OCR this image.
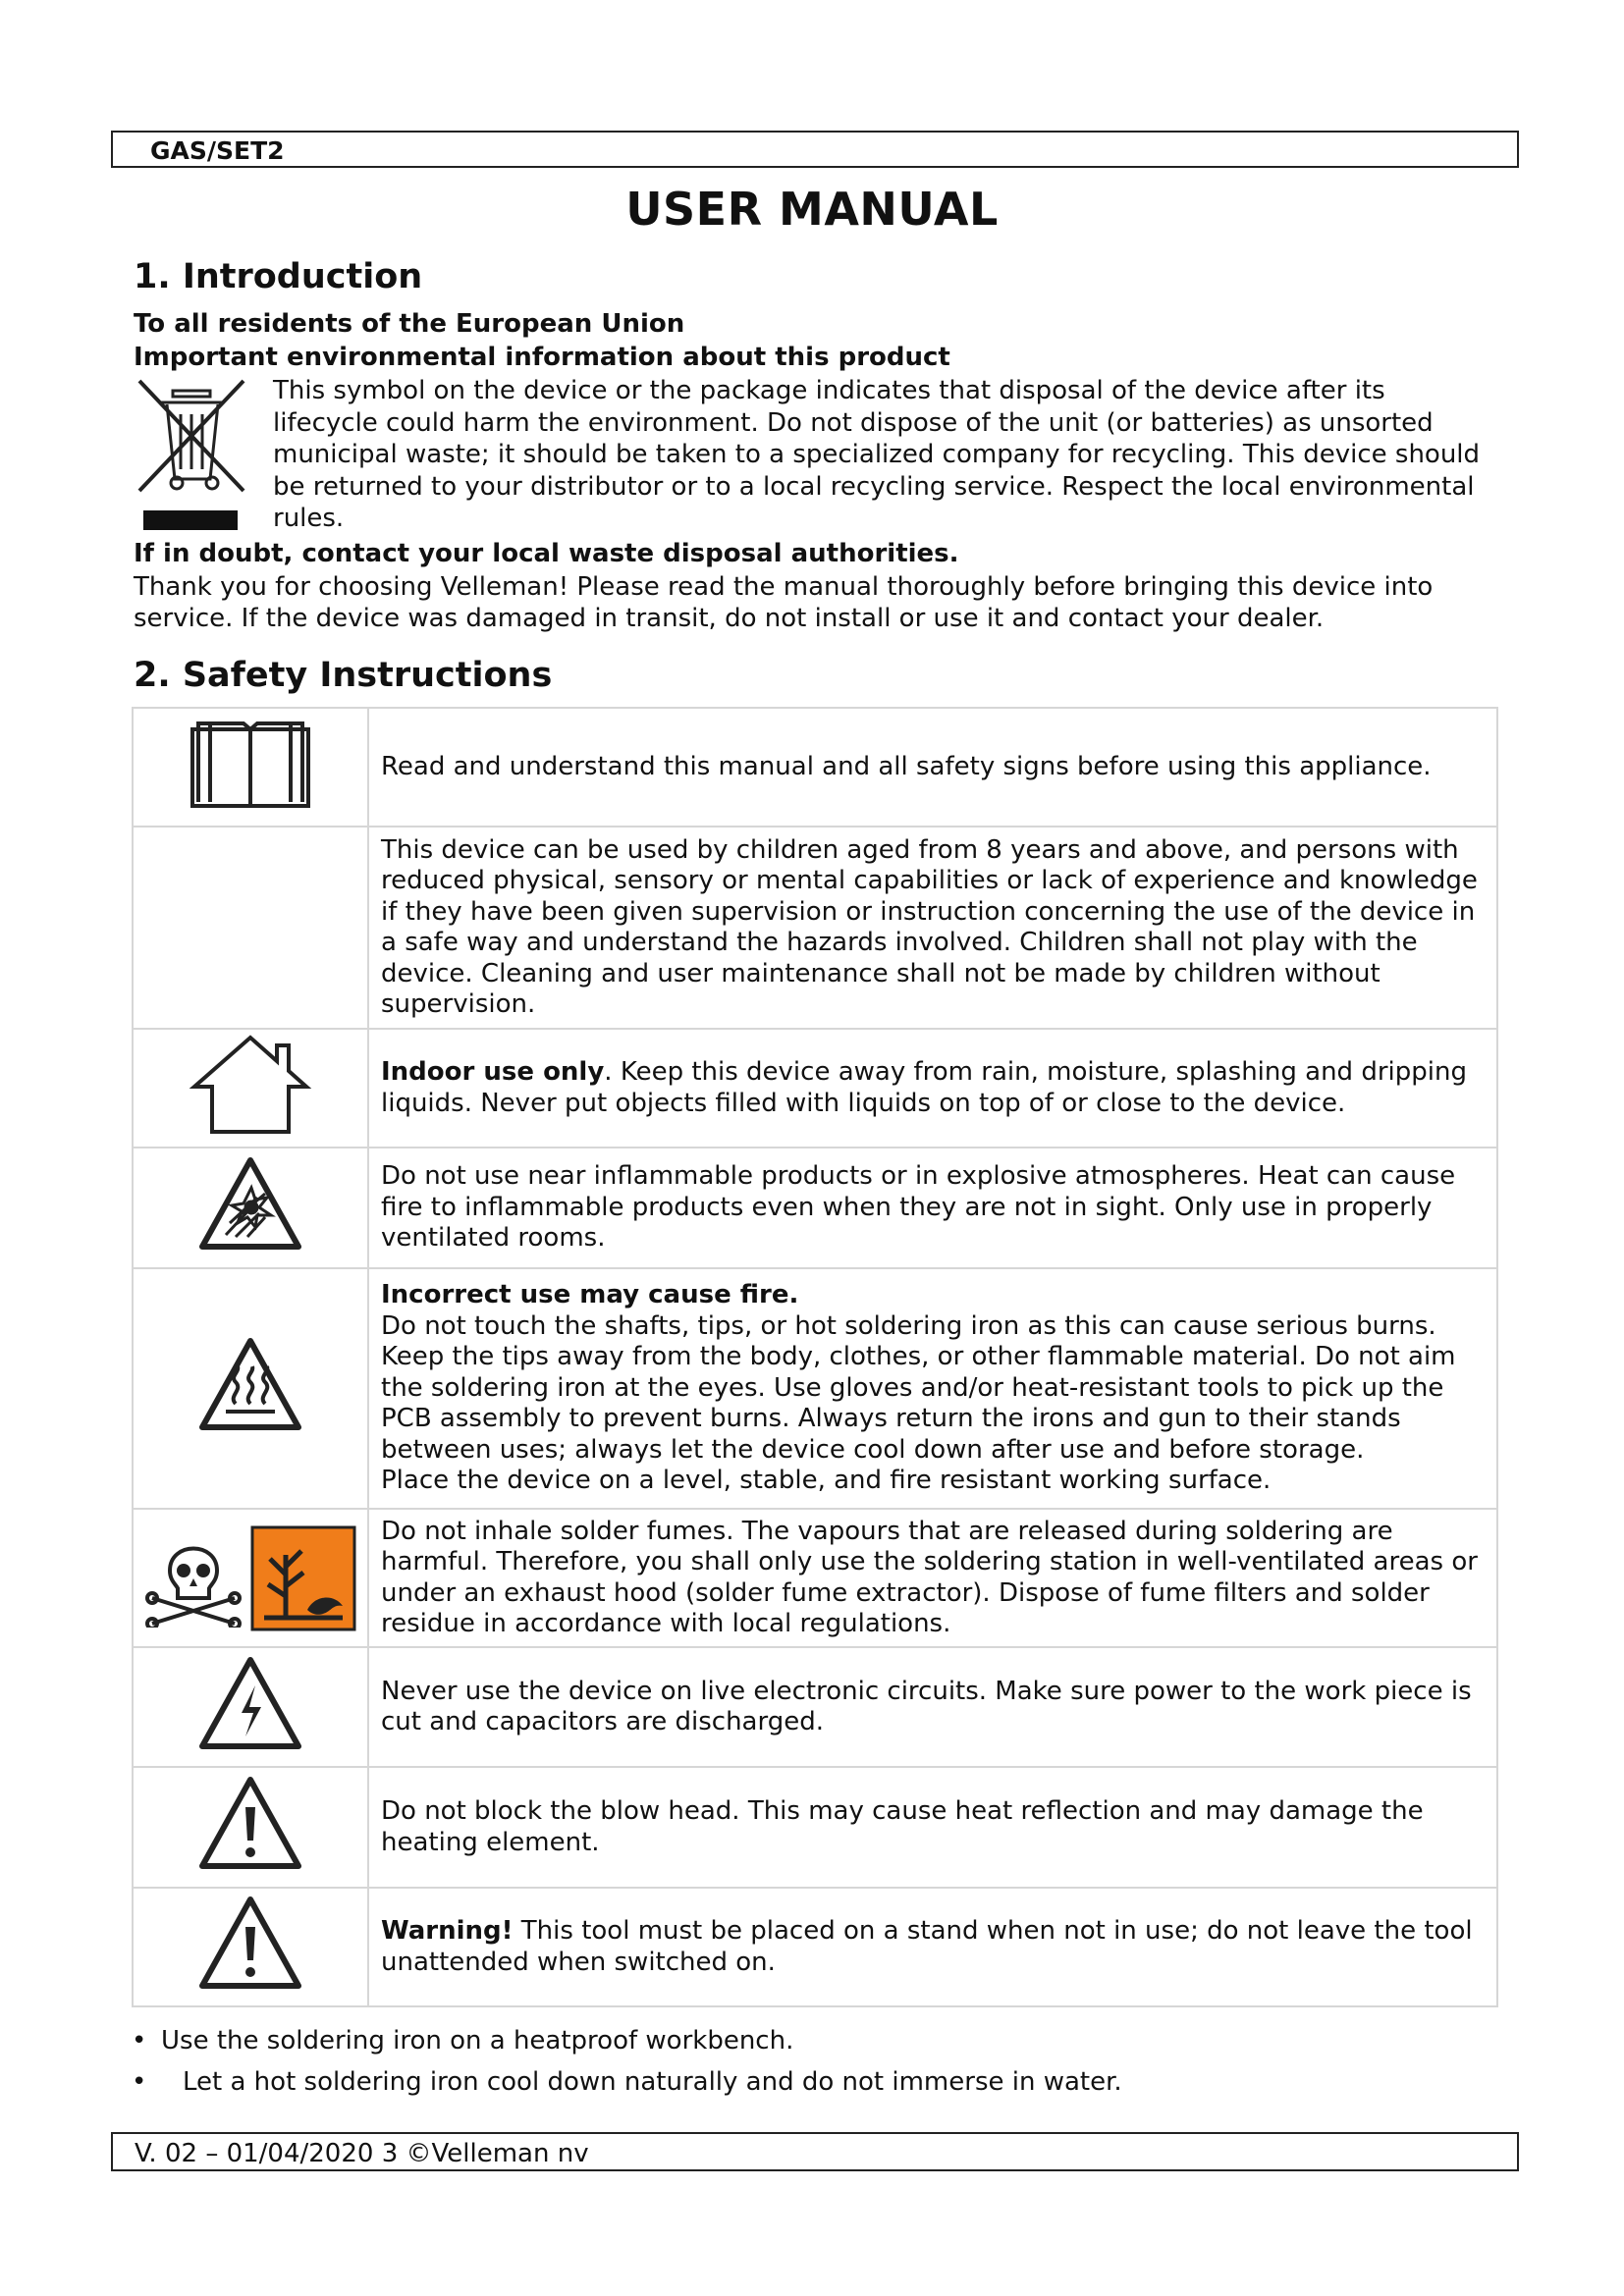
GAS/SET2
USER MANUAL
1. Introduction
To all residents of the European Union
Important environmental information about this product
This symbol on the device or the package indicates that disposal of the device after its lifecycle could harm the environment. Do not dispose of the unit (or batteries) as unsorted municipal waste; it should be taken to a specialized company for recycling. This device should be returned to your distributor or to a local recycling service. Respect the local environmental rules.
If in doubt, contact your local waste disposal authorities.
Thank you for choosing Velleman! Please read the manual thoroughly before bringing this device into service. If the device was damaged in transit, do not install or use it and contact your dealer.
2. Safety Instructions

Read and understand this manual and all safety signs before using this appliance.

	This device can be used by children aged from 8 years and above, and persons with reduced physical, sensory or mental capabilities or lack of experience and knowledge if they have been given supervision or instruction concerning the use of the device in a safe way and understand the hazards involved. Children shall not play with the device. Cleaning and user maintenance shall not be made by children without supervision.

Indoor use only. Keep this device away from rain, moisture, splashing and dripping liquids. Never put objects filled with liquids on top of or close to the device.

Do not use near inflammable products or in explosive atmospheres. Heat can cause fire to inflammable products even when they are not in sight. Only use in properly ventilated rooms.

Incorrect use may cause fire.
Do not touch the shafts, tips, or hot soldering iron as this can cause serious burns. Keep the tips away from the body, clothes, or other flammable material. Do not aim the soldering iron at the eyes. Use gloves and/or heat-resistant tools to pick up the PCB assembly to prevent burns. Always return the irons and gun to their stands between uses; always let the device cool down after use and before storage.
Place the device on a level, stable, and fire resistant working surface.

Do not inhale solder fumes. The vapours that are released during soldering are harmful. Therefore, you shall only use the soldering station in well-ventilated areas or under an exhaust hood (solder fume extractor). Dispose of fume filters and solder residue in accordance with local regulations.

Never use the device on live electronic circuits. Make sure power to the work piece is cut and capacitors are discharged.

Do not block the blow head. This may cause heat reflection and may damage the heating element.

Warning! This tool must be placed on a stand when not in use; do not leave the tool unattended when switched on.
• Use the soldering iron on a heatproof workbench.
• Let a hot soldering iron cool down naturally and do not immerse in water.
V. 02 – 01/04/2020 3 ©Velleman nv
